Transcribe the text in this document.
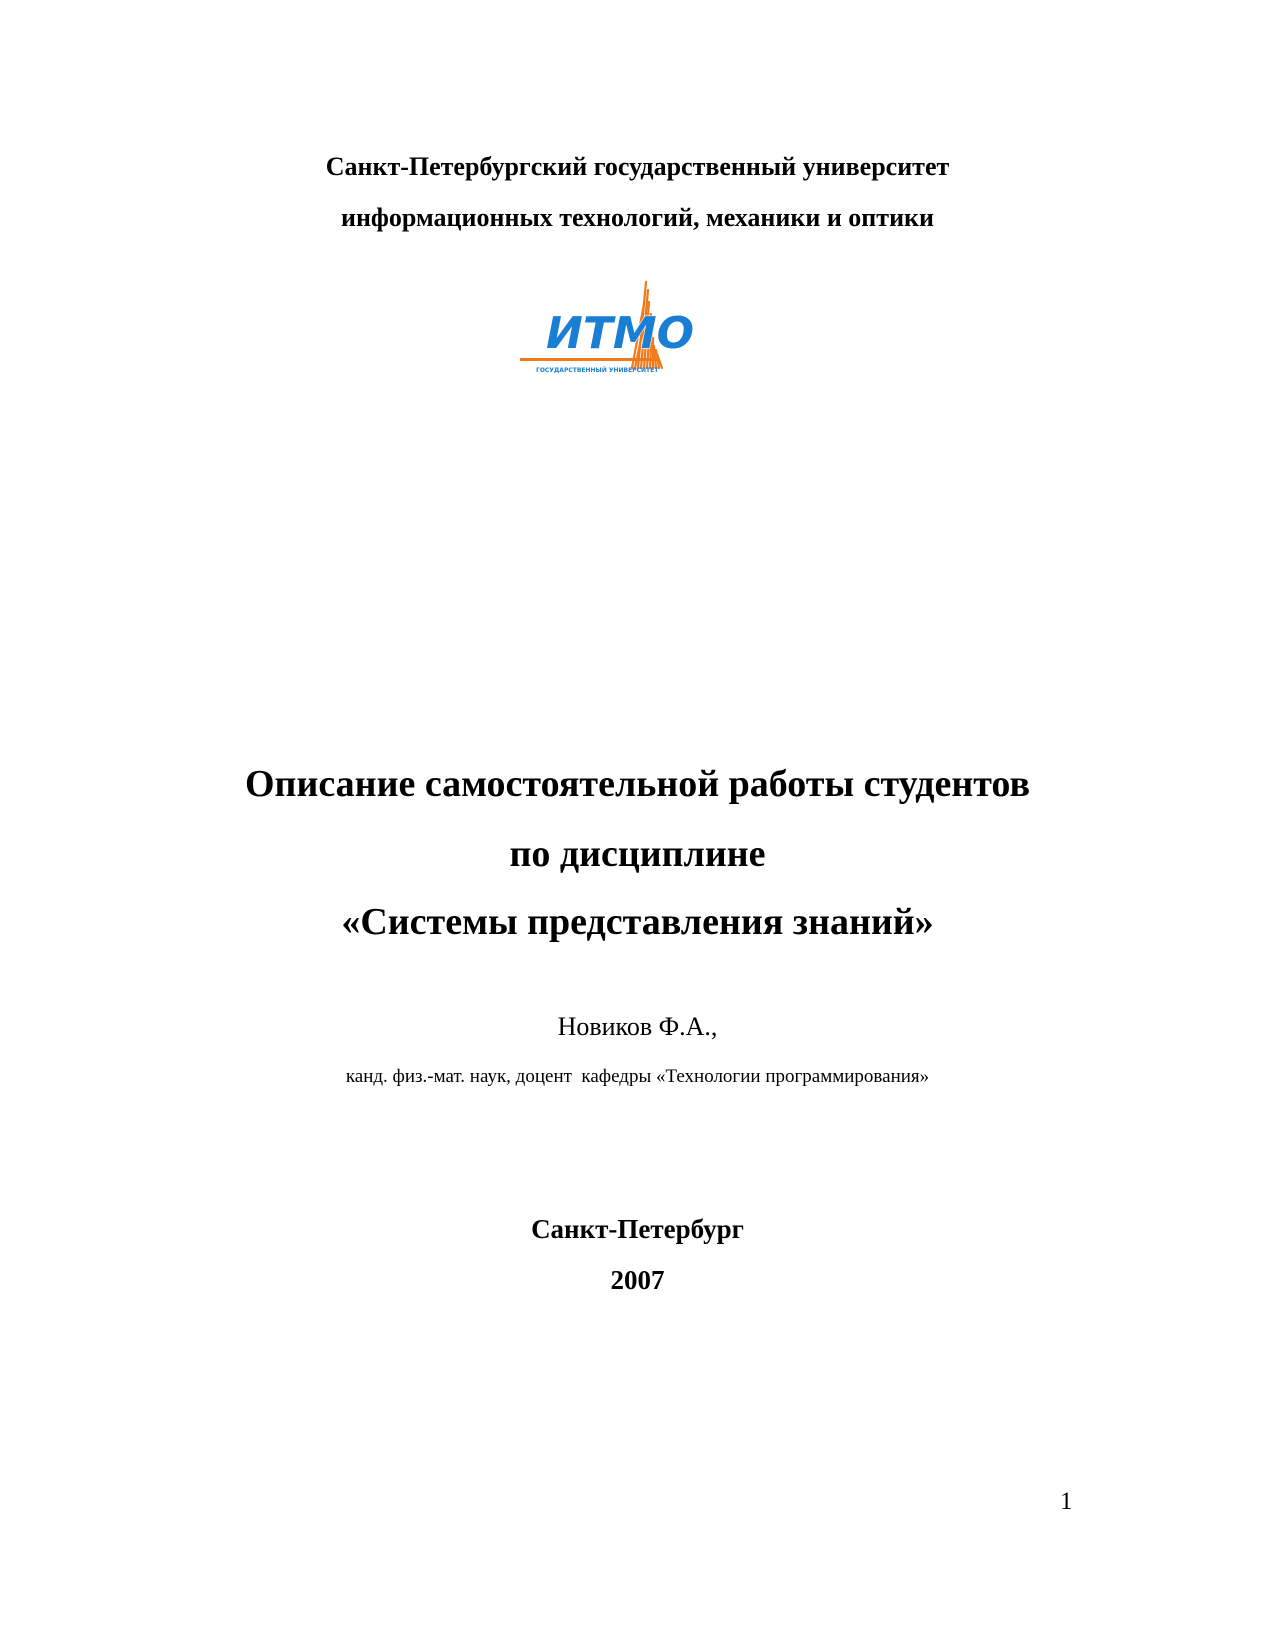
Санкт-Петербургский государственный университет
информационных технологий, механики и оптики
ИТМО
ГОСУДАРСТВЕННЫЙ УНИВЕРСИТЕТ
Описание самостоятельной работы студентов
по дисциплине
«Системы представления знаний»
Новиков Ф.А.,
канд. физ.-мат. наук, доцент  кафедры «Технологии программирования»
Санкт-Петербург
2007
1
